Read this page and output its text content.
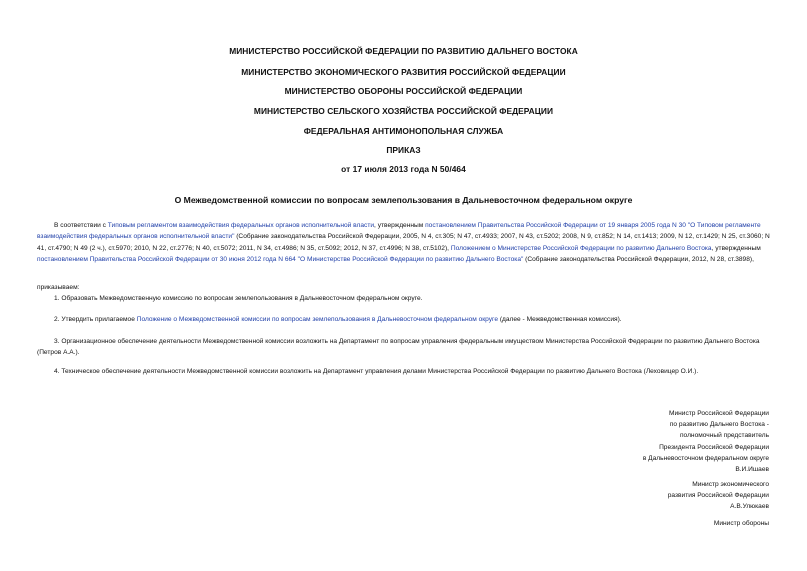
МИНИСТЕРСТВО РОССИЙСКОЙ ФЕДЕРАЦИИ ПО РАЗВИТИЮ ДАЛЬНЕГО ВОСТОКА
МИНИСТЕРСТВО ЭКОНОМИЧЕСКОГО РАЗВИТИЯ РОССИЙСКОЙ ФЕДЕРАЦИИ
МИНИСТЕРСТВО ОБОРОНЫ РОССИЙСКОЙ ФЕДЕРАЦИИ
МИНИСТЕРСТВО СЕЛЬСКОГО ХОЗЯЙСТВА РОССИЙСКОЙ ФЕДЕРАЦИИ
ФЕДЕРАЛЬНАЯ АНТИМОНОПОЛЬНАЯ СЛУЖБА
ПРИКАЗ
от 17 июля 2013 года N 50/464
О Межведомственной комиссии по вопросам землепользования в Дальневосточном федеральном округе
В соответствии с Типовым регламентом взаимодействия федеральных органов исполнительной власти, утвержденным постановлением Правительства Российской Федерации от 19 января 2005 года N 30 "О Типовом регламенте взаимодействия федеральных органов исполнительной власти" (Собрание законодательства Российской Федерации, 2005, N 4, ст.305; N 47, ст.4933; 2007, N 43, ст.5202; 2008, N 9, ст.852; N 14, ст.1413; 2009, N 12, ст.1429; N 25, ст.3060; N 41, ст.4790; N 49 (2 ч.), ст.5970; 2010, N 22, ст.2776; N 40, ст.5072; 2011, N 34, ст.4986; N 35, ст.5092; 2012, N 37, ст.4996; N 38, ст.5102), Положением о Министерстве Российской Федерации по развитию Дальнего Востока, утвержденным постановлением Правительства Российской Федерации от 30 июня 2012 года N 664 "О Министерстве Российской Федерации по развитию Дальнего Востока" (Собрание законодательства Российской Федерации, 2012, N 28, ст.3898),
приказываем:
1. Образовать Межведомственную комиссию по вопросам землепользования в Дальневосточном федеральном округе.
2. Утвердить прилагаемое Положение о Межведомственной комиссии по вопросам землепользования в Дальневосточном федеральном округе (далее - Межведомственная комиссия).
3. Организационное обеспечение деятельности Межведомственной комиссии возложить на Департамент по вопросам управления федеральным имуществом Министерства Российской Федерации по развитию Дальнего Востока (Петров А.А.).
4. Техническое обеспечение деятельности Межведомственной комиссии возложить на Департамент управления делами Министерства Российской Федерации по развитию Дальнего Востока (Леховицер О.И.).
Министр Российской Федерации
по развитию Дальнего Востока -
полномочный представитель
Президента Российской Федерации
в Дальневосточном федеральном округе
В.И.Ишаев
Министр экономического
развития Российской Федерации
А.В.Улюкаев
Министр обороны
